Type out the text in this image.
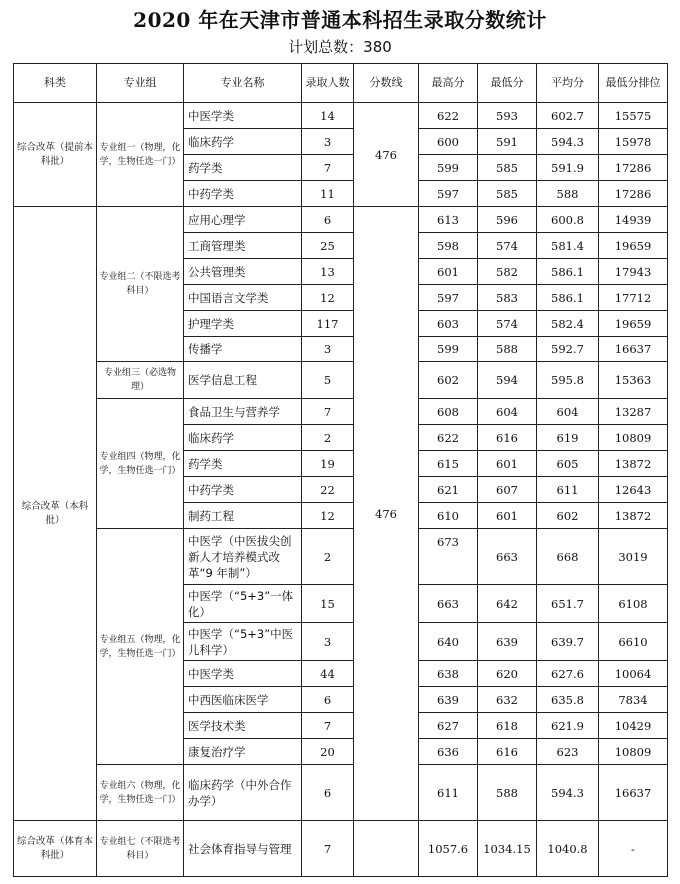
2020 年在天津市普通本科招生录取分数统计
计划总数：380
科类	专业组	专业名称	录取人数	分数线	最高分	最低分	平均分	最低分排位
综合改革（提前本科批）	专业组一（物理，化学，生物任选一门）	中医学类	14	476	622	593	602.7	15575
		临床药学	3		600	591	594.3	15978
		药学类	7		599	585	591.9	17286
		中药学类	11		597	585	588	17286
综合改革（本科批）	专业组二（不限选考科目）	应用心理学	6	476	613	596	600.8	14939
		工商管理类	25		598	574	581.4	19659
		公共管理类	13		601	582	586.1	17943
		中国语言文学类	12		597	583	586.1	17712
		护理学类	117		603	574	582.4	19659
		传播学	3		599	588	592.7	16637
	专业组三（必选物理）	医学信息工程	5		602	594	595.8	15363
	专业组四（物理，化学，生物任选一门）	食品卫生与营养学	7		608	604	604	13287
		临床药学	2		622	616	619	10809
		药学类	19		615	601	605	13872
		中药学类	22		621	607	611	12643
		制药工程	12		610	601	602	13872
	专业组五（物理，化学，生物任选一门）	中医学（中医拔尖创新人才培养模式改革“9 年制”）	2		673	663	668	3019
		中医学（“5+3”一体化）	15		663	642	651.7	6108
		中医学（“5+3”中医儿科学）	3		640	639	639.7	6610
		中医学类	44		638	620	627.6	10064
		中西医临床医学	6		639	632	635.8	7834
		医学技术类	7		627	618	621.9	10429
		康复治疗学	20		636	616	623	10809
	专业组六（物理，化学，生物任选一门）	临床药学（中外合作办学）	6		611	588	594.3	16637
综合改革（体育本科批）	专业组七（不限选考科目）	社会体育指导与管理	7		1057.6	1034.15	1040.8	-
